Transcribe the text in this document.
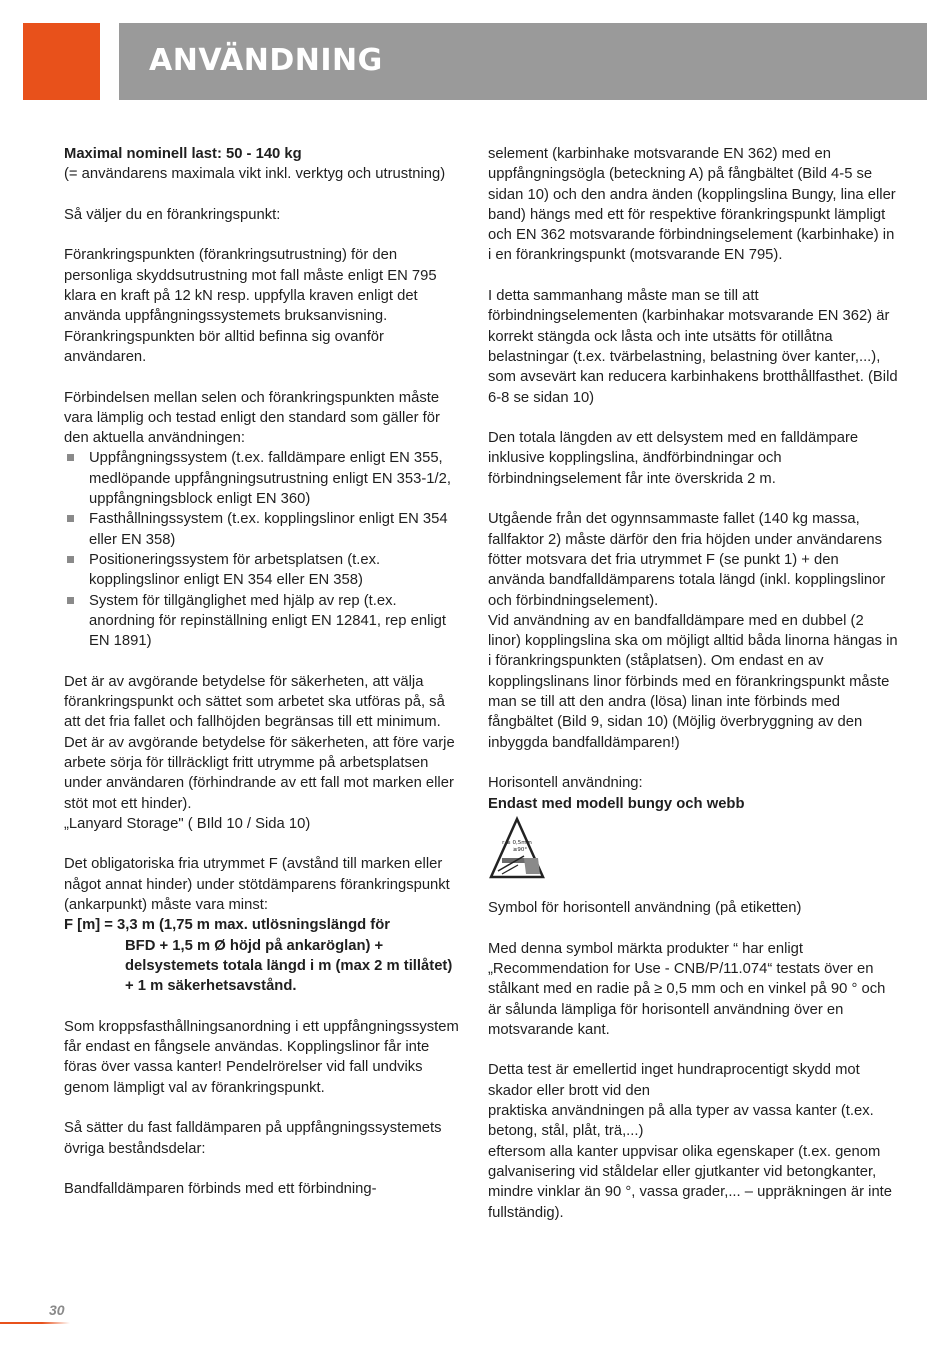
ANVÄNDNING

Maximal nominell last: 50 - 140 kg
(= användarens maximala vikt inkl. verktyg och utrustning)

Så väljer du en förankringspunkt:

Förankringspunkten (förankringsutrustning) för den personliga skyddsutrustning mot fall måste enligt EN 795 klara en kraft på 12 kN resp. uppfylla kraven enligt det använda uppfångningssystemets bruksanvisning. Förankringspunkten bör alltid befinna sig ovanför användaren.

Förbindelsen mellan selen och förankringspunkten måste vara lämplig och testad enligt den standard som gäller för den aktuella användningen:

Uppfångningssystem (t.ex. falldämpare enligt EN 355, medlöpande uppfångningsutrustning enligt EN 353-1/2, uppfångningsblock enligt EN 360)
Fasthållningssystem (t.ex. kopplingslinor enligt EN 354 eller EN 358)
Positioneringssystem för arbetsplatsen (t.ex. kopplingslinor enligt EN 354 eller EN 358)
System för tillgänglighet med hjälp av rep (t.ex. anordning för repinställning enligt EN 12841, rep enligt EN 1891)

Det är av avgörande betydelse för säkerheten, att välja förankringspunkt och sättet som arbetet ska utföras på, så att det fria fallet och fallhöjden begränsas till ett minimum. Det är av avgörande betydelse för säkerheten, att före varje arbete sörja för tillräckligt fritt utrymme på arbetsplatsen under användaren (förhindrande av ett fall mot marken eller stöt mot ett hinder).

„Lanyard Storage" ( BIld 10 / Sida 10)

Det obligatoriska fria utrymmet F (avstånd till marken eller något annat hinder) under stötdämparens förankringspunkt (ankarpunkt) måste vara minst:

F [m] = 3,3 m (1,75 m max. utlösningslängd för
BFD + 1,5 m Ø höjd på ankaröglan) + delsystemets totala längd i m (max 2 m tillåtet) + 1 m säkerhetsavstånd.

Som kroppsfasthållningsanordning i ett uppfångningssystem får endast en fångsele användas. Kopplingslinor får inte föras över vassa kanter! Pendelrörelser vid fall undviks genom lämpligt val av förankringspunkt.

Så sätter du fast falldämparen på uppfångningssystemets övriga beståndsdelar:

Bandfalldämparen förbinds med ett förbindning-

selement (karbinhake motsvarande EN 362) med en uppfångningsögla (beteckning A) på fångbältet (Bild 4-5 se sidan 10) och den andra änden (kopplingslina Bungy, lina eller band) hängs med ett för respektive förankringspunkt lämpligt och EN 362 motsvarande förbindningselement (karbinhake) in i en förankringspunkt (motsvarande EN 795).

I detta sammanhang måste man se till att förbindningselementen (karbinhakar motsvarande EN 362) är korrekt stängda ock låsta och inte utsätts för otillåtna belastningar (t.ex. tvärbelastning, belastning över kanter,...), som avsevärt kan reducera karbinhakens brotthållfasthet. (Bild 6-8 se sidan 10)

Den totala längden av ett delsystem med en falldämpare inklusive kopplingslina, ändförbindningar och förbindningselement får inte överskrida 2 m.

Utgående från det ogynnsammaste fallet (140 kg massa, fallfaktor 2) måste därför den fria höjden under användarens fötter motsvara det fria utrymmet F (se punkt 1) + den använda bandfalldämparens totala längd (inkl. kopplingslinor och förbindningselement).

Vid användning av en bandfalldämpare med en dubbel (2 linor) kopplingslina ska om möjligt alltid båda linorna hängas in i förankringspunkten (ståplatsen). Om endast en av kopplingslinans linor förbinds med en förankringspunkt måste man se till att den andra (lösa) linan inte förbinds med fångbältet (Bild 9, sidan 10) (Möjlig överbryggning av den inbyggda bandfalldämparen!)

Horisontell användning:

Endast med modell bungy och webb

r ≥ 0,5mm
≥90°

Symbol för horisontell användning (på etiketten)

Med denna symbol märkta produkter “ har enligt „Recommendation for Use - CNB/P/11.074“ testats över en stålkant med en radie på ≥ 0,5 mm och en vinkel på 90 ° och är sålunda lämpliga för horisontell användning över en motsvarande kant.

Detta test är emellertid inget hundraprocentigt skydd mot skador eller brott vid den

praktiska användningen på alla typer av vassa kanter (t.ex. betong, stål, plåt, trä,...)

eftersom alla kanter uppvisar olika egenskaper (t.ex. genom galvanisering vid ståldelar eller gjutkanter vid betongkanter, mindre vinklar än 90 °, vassa grader,... – uppräkningen är inte fullständig).

30
